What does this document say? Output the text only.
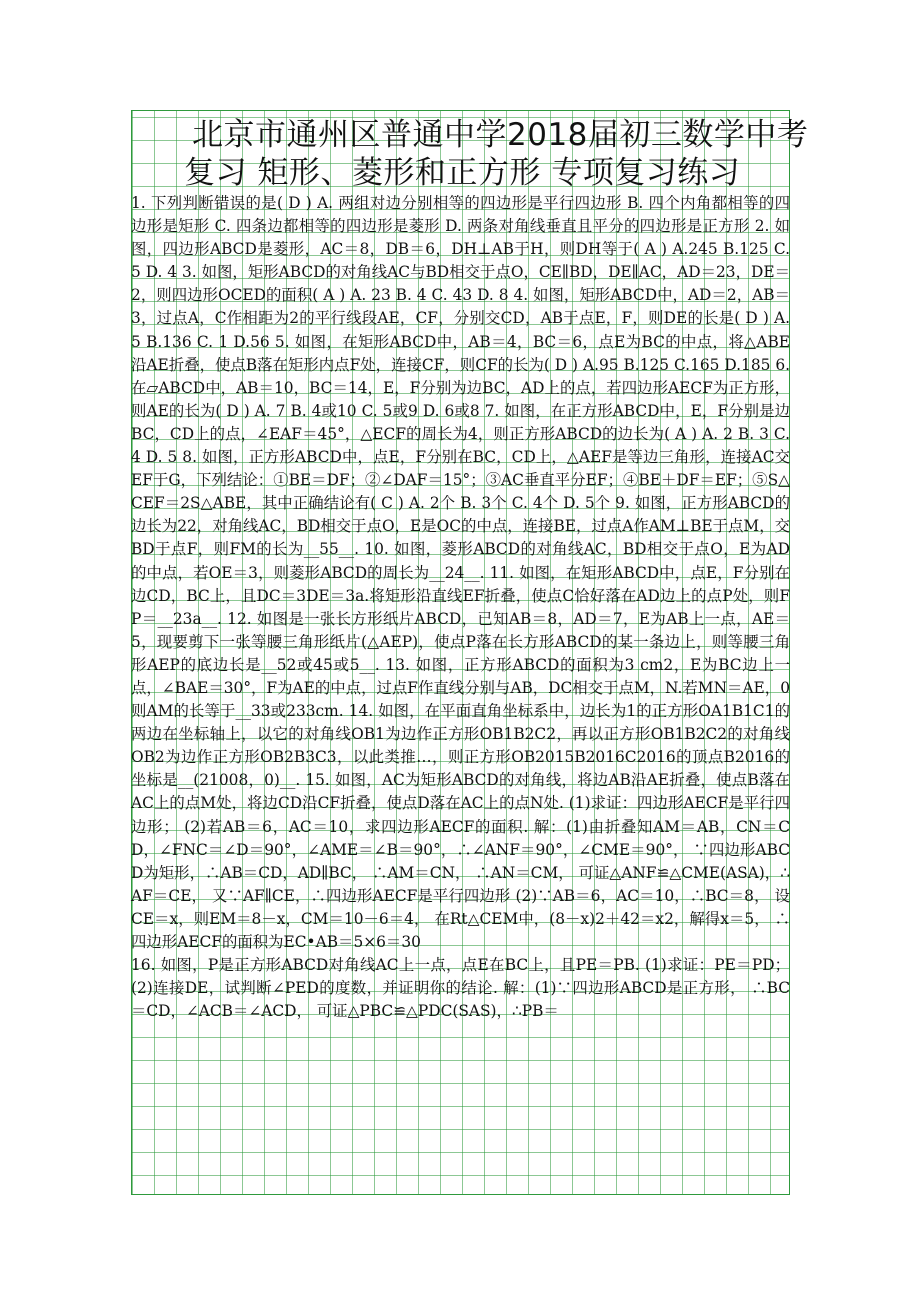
北京市通州区普通中学2018届初三数学中考
复习 矩形、菱形和正方形 专项复习练习

1. 下列判断错误的是( D ) A. 两组对边分别相等的四边形是平行四边形 B. 四个内角都相等的四边形是矩形 C. 四条边都相等的四边形是菱形 D. 两条对角线垂直且平分的四边形是正方形 2. 如图，四边形ABCD是菱形，AC＝8，DB＝6，DH⊥AB于H，则DH等于( A ) A.245 B.125 C. 5 D. 4 3. 如图，矩形ABCD的对角线AC与BD相交于点O，CE∥BD，DE∥AC，AD＝23，DE＝2，则四边形OCED的面积( A ) A. 23 B. 4 C. 43 D. 8 4. 如图，矩形ABCD中，AD＝2，AB＝3，过点A，C作相距为2的平行线段AE，CF，分别交CD，AB于点E，F，则DE的长是( D ) A.5 B.136 C. 1 D.56 5. 如图，在矩形ABCD中，AB＝4，BC＝6，点E为BC的中点，将△ABE沿AE折叠，使点B落在矩形内点F处，连接CF，则CF的长为( D ) A.95 B.125 C.165 D.185 6. 在▱ABCD中，AB＝10，BC＝14，E，F分别为边BC，AD上的点，若四边形AECF为正方形，则AE的长为( D ) A. 7 B. 4或10 C. 5或9 D. 6或8 7. 如图，在正方形ABCD中，E，F分别是边BC，CD上的点，∠EAF＝45°，△ECF的周长为4，则正方形ABCD的边长为( A ) A. 2 B. 3 C. 4 D. 5 8. 如图，正方形ABCD中，点E，F分别在BC，CD上，△AEF是等边三角形，连接AC交EF于G，下列结论：①BE＝DF；②∠DAF＝15°；③AC垂直平分EF；④BE＋DF＝EF；⑤S△CEF＝2S△ABE，其中正确结论有( C ) A. 2个 B. 3个 C. 4个 D. 5个 9. 如图，正方形ABCD的边长为22，对角线AC，BD相交于点O，E是OC的中点，连接BE，过点A作AM⊥BE于点M，交BD于点F，则FM的长为__55__. 10. 如图，菱形ABCD的对角线AC，BD相交于点O，E为AD的中点，若OE＝3，则菱形ABCD的周长为__24__. 11. 如图，在矩形ABCD中，点E，F分别在边CD，BC上，且DC＝3DE＝3a.将矩形沿直线EF折叠，使点C恰好落在AD边上的点P处，则FP＝__23a__. 12. 如图是一张长方形纸片ABCD，已知AB＝8，AD＝7，E为AB上一点，AE＝5，现要剪下一张等腰三角形纸片(△AEP)，使点P落在长方形ABCD的某一条边上，则等腰三角形AEP的底边长是__52或45或5__. 13. 如图，正方形ABCD的面积为3 cm2，E为BC边上一点，∠BAE＝30°，F为AE的中点，过点F作直线分别与AB，DC相交于点M，N.若MN＝AE，0则AM的长等于__33或233cm. 14. 如图，在平面直角坐标系中，边长为1的正方形OA1B1C1的两边在坐标轴上，以它的对角线OB1为边作正方形OB1B2C2，再以正方形OB1B2C2的对角线OB2为边作正方形OB2B3C3，以此类推…，则正方形OB2015B2016C2016的顶点B2016的坐标是__(21008，0)__. 15. 如图，AC为矩形ABCD的对角线，将边AB沿AE折叠，使点B落在AC上的点M处，将边CD沿CF折叠，使点D落在AC上的点N处. (1)求证：四边形AECF是平行四边形； (2)若AB＝6，AC＝10，求四边形AECF的面积. 解：(1)由折叠知AM＝AB，CN＝CD，∠FNC＝∠D＝90°，∠AME＝∠B＝90°，∴∠ANF＝90°，∠CME＝90°， ∵四边形ABCD为矩形，∴AB＝CD，AD∥BC， ∴AM＝CN， ∴AN＝CM， 可证△ANF≌△CME(ASA)，∴AF＝CE， 又∵AF∥CE，∴四边形AECF是平行四边形 (2)∵AB＝6，AC＝10，∴BC＝8， 设CE＝x，则EM＝8－x，CM＝10－6＝4， 在Rt△CEM中，(8－x)2＋42＝x2，解得x＝5， ∴四边形AECF的面积为EC•AB＝5×6＝30

16. 如图，P是正方形ABCD对角线AC上一点，点E在BC上，且PE＝PB. (1)求证：PE＝PD； (2)连接DE，试判断∠PED的度数，并证明你的结论. 解：(1)∵四边形ABCD是正方形， ∴BC＝CD，∠ACB＝∠ACD， 可证△PBC≌△PDC(SAS)，∴PB＝
